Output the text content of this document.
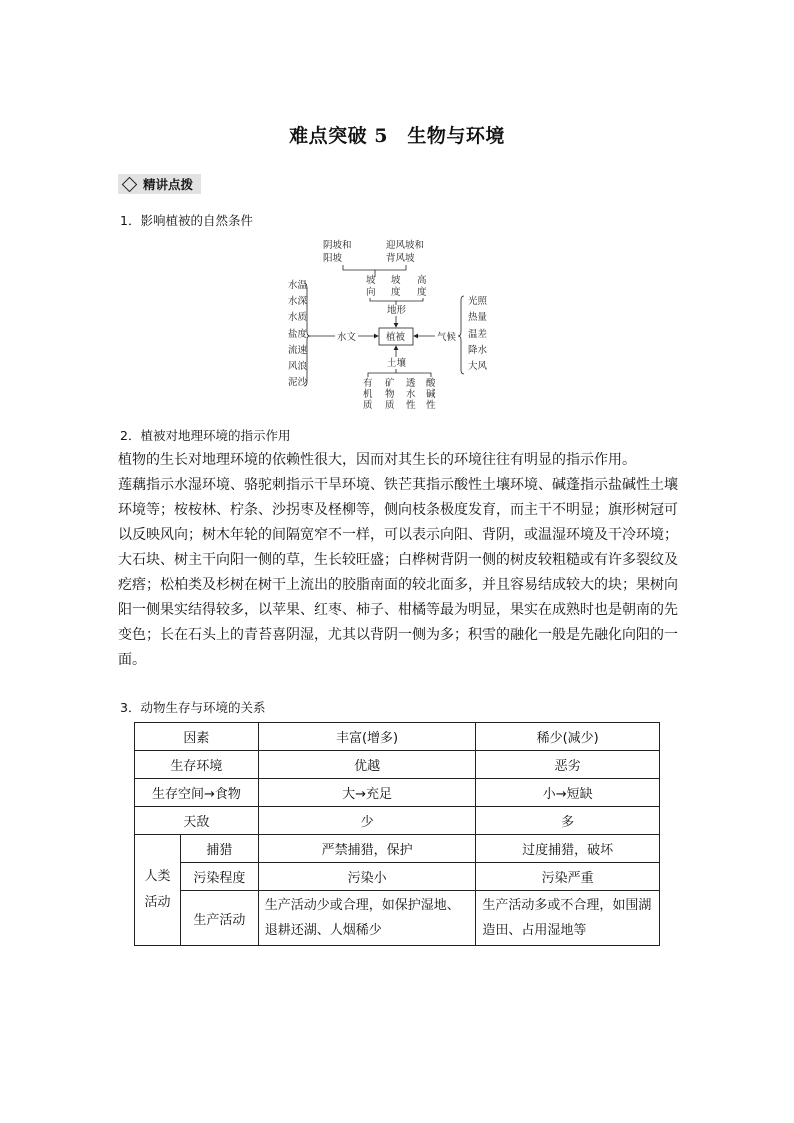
难点突破 5　生物与环境
精讲点拨
1．影响植被的自然条件
阴坡和
阳坡
迎风坡和
背风坡
坡
向
坡
度
高
度
地形
植被
水温
水深
水质
盐度
流速
风浪
泥沙
水文
光照
热量
温差
降水
大风
气候
土壤
有
机
质
矿
物
质
透
水
性
酸
碱
性
2．植被对地理环境的指示作用

植物的生长对地理环境的依赖性很大，因而对其生长的环境往往有明显的指示作用。

莲藕指示水湿环境、骆驼刺指示干旱环境、铁芒萁指示酸性土壤环境、碱蓬指示盐碱性土壤

环境等；桉桉林、柠条、沙拐枣及柽柳等，侧向枝条极度发育，而主干不明显；旗形树冠可

以反映风向；树木年轮的间隔宽窄不一样，可以表示向阳、背阴，或温湿环境及干冷环境；

大石块、树主干向阳一侧的草，生长较旺盛；白桦树背阴一侧的树皮较粗糙或有许多裂纹及

疙瘩；松柏类及杉树在树干上流出的胶脂南面的较北面多，并且容易结成较大的块；果树向

阳一侧果实结得较多，以苹果、红枣、柿子、柑橘等最为明显，果实在成熟时也是朝南的先

变色；长在石头上的青苔喜阴湿，尤其以背阴一侧为多；积雪的融化一般是先融化向阳的一

面。

3．动物生存与环境的关系
因素		丰富(增多)	稀少(减少)
生存环境		优越	恶劣
生存空间→食物		大→充足	小→短缺
天敌		少	多
人类
活动	捕猎	严禁捕猎，保护	过度捕猎，破坏
	污染程度	污染小	污染严重
	生产活动	生产活动少或合理，如保护湿地、退耕还湖、人烟稀少	生产活动多或不合理，如围湖造田、占用湿地等
